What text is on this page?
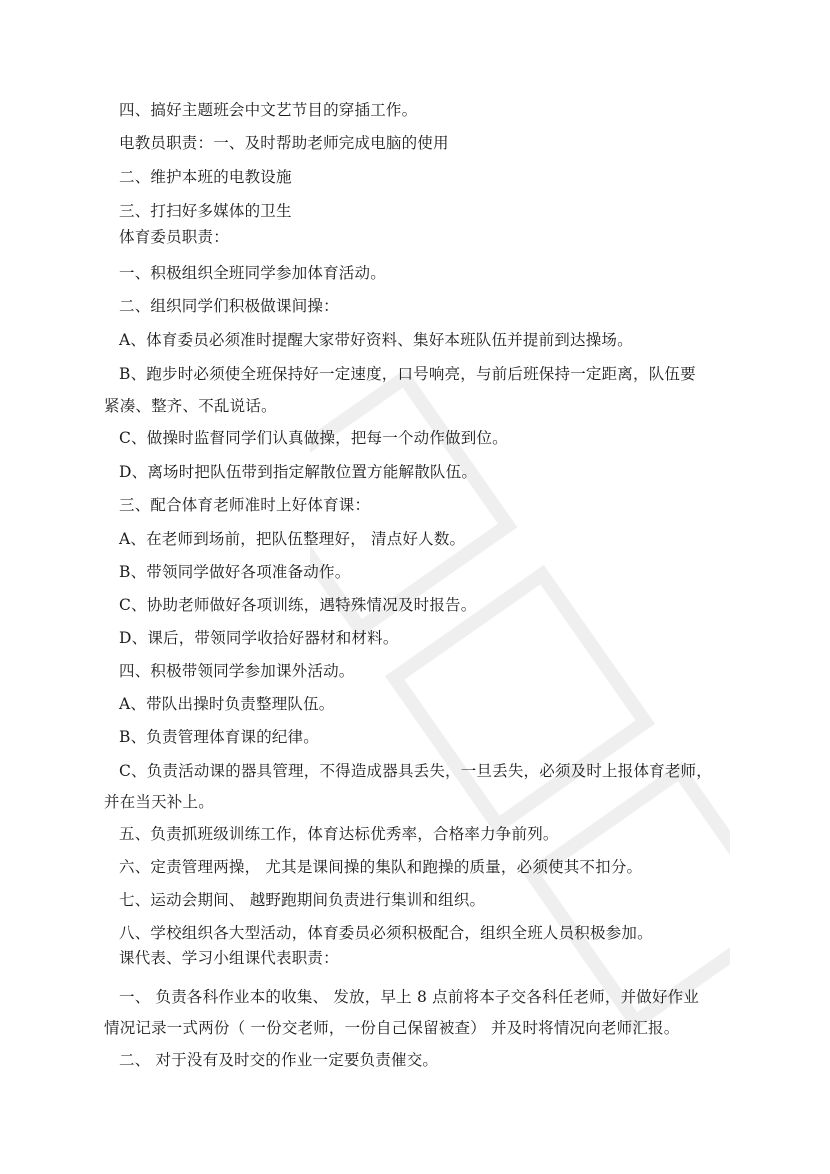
四、搞好主题班会中文艺节目的穿插工作。
电教员职责：一、及时帮助老师完成电脑的使用
二、维护本班的电教设施
三、打扫好多媒体的卫生
体育委员职责：
一、积极组织全班同学参加体育活动。
二、组织同学们积极做课间操：
A、体育委员必须准时提醒大家带好资料、集好本班队伍并提前到达操场。
B、跑步时必须使全班保持好一定速度，口号响亮，与前后班保持一定距离，队伍要
紧凑、整齐、不乱说话。
C、做操时监督同学们认真做操，把每一个动作做到位。
D、离场时把队伍带到指定解散位置方能解散队伍。
三、配合体育老师准时上好体育课：
A、在老师到场前，把队伍整理好， 清点好人数。
B、带领同学做好各项准备动作。
C、协助老师做好各项训练，遇特殊情况及时报告。
D、课后，带领同学收拾好器材和材料。
四、积极带领同学参加课外活动。
A、带队出操时负责整理队伍。
B、负责管理体育课的纪律。
C、负责活动课的器具管理，不得造成器具丢失，一旦丢失，必须及时上报体育老师，
并在当天补上。
五、负责抓班级训练工作，体育达标优秀率，合格率力争前列。
六、定责管理两操， 尤其是课间操的集队和跑操的质量，必须使其不扣分。
七、运动会期间、 越野跑期间负责进行集训和组织。
八、学校组织各大型活动，体育委员必须积极配合，组织全班人员积极参加。
课代表、学习小组课代表职责：
一、 负责各科作业本的收集、 发放，早上 8 点前将本子交各科任老师，并做好作业
情况记录一式两份（ 一份交老师，一份自己保留被查） 并及时将情况向老师汇报。
二、 对于没有及时交的作业一定要负责催交。
